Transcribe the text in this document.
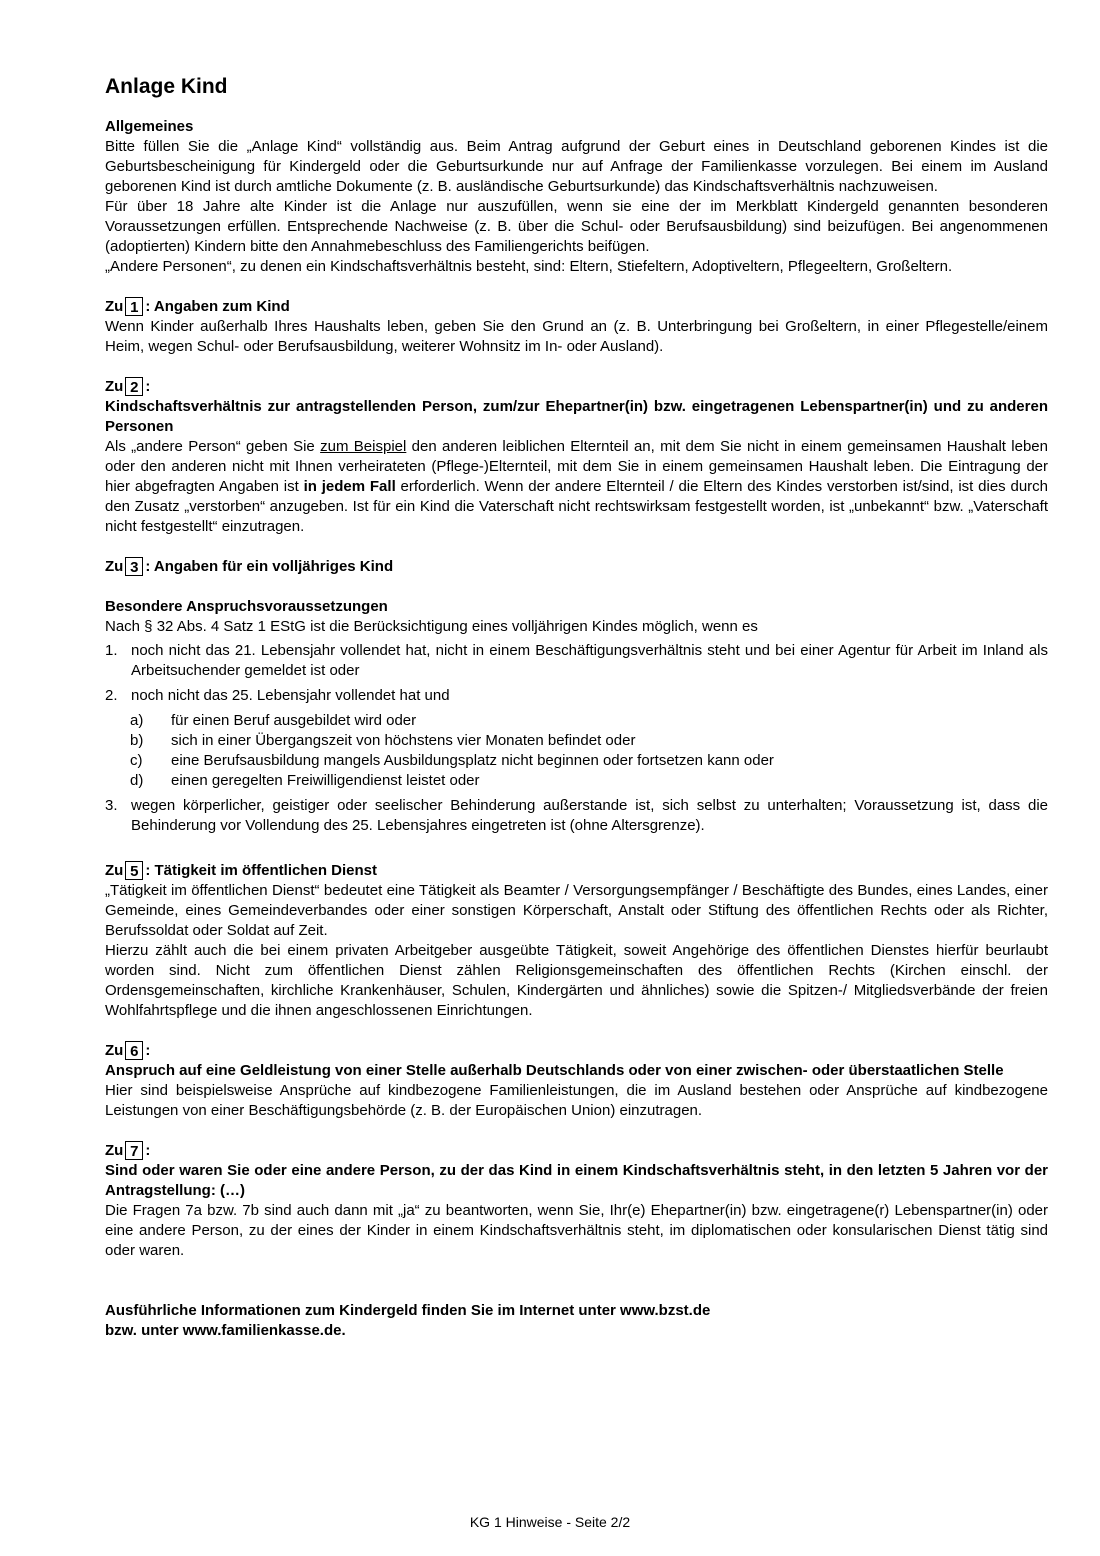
Anlage Kind
Allgemeines

Bitte füllen Sie die „Anlage Kind“ vollständig aus. Beim Antrag aufgrund der Geburt eines in Deutschland geborenen Kindes ist die Geburtsbescheinigung für Kindergeld oder die Geburtsurkunde nur auf Anfrage der Familienkasse vorzulegen. Bei einem im Ausland geborenen Kind ist durch amtliche Dokumente (z. B. ausländische Geburtsurkunde) das Kindschaftsverhältnis nachzuweisen.

Für über 18 Jahre alte Kinder ist die Anlage nur auszufüllen, wenn sie eine der im Merkblatt Kindergeld genannten besonderen Voraussetzungen erfüllen. Entsprechende Nachweise (z. B. über die Schul- oder Berufsausbildung) sind beizufügen. Bei angenommenen (adoptierten) Kindern bitte den Annahmebeschluss des Familiengerichts beifügen.

„Andere Personen“, zu denen ein Kindschaftsverhältnis besteht, sind: Eltern, Stiefeltern, Adoptiveltern, Pflegeeltern, Großeltern.

Zu 1 : Angaben zum Kind

Wenn Kinder außerhalb Ihres Haushalts leben, geben Sie den Grund an (z. B. Unterbringung bei Großeltern, in einer Pflegestelle/einem Heim, wegen Schul- oder Berufsausbildung, weiterer Wohnsitz im In- oder Ausland).

Zu 2 :

Kindschaftsverhältnis zur antragstellenden Person, zum/zur Ehepartner(in) bzw. eingetragenen Lebenspartner(in) und zu anderen Personen

Als „andere Person“ geben Sie zum Beispiel den anderen leiblichen Elternteil an, mit dem Sie nicht in einem gemeinsamen Haushalt leben oder den anderen nicht mit Ihnen verheirateten (Pflege-)Elternteil, mit dem Sie in einem gemeinsamen Haushalt leben. Die Eintragung der hier abgefragten Angaben ist in jedem Fall erforderlich. Wenn der andere Elternteil / die Eltern des Kindes verstorben ist/sind, ist dies durch den Zusatz „verstorben“ anzugeben. Ist für ein Kind die Vaterschaft nicht rechtswirksam festgestellt worden, ist „unbekannt“ bzw. „Vaterschaft nicht festgestellt“ einzutragen.

Zu 3 : Angaben für ein volljähriges Kind
Besondere Anspruchsvoraussetzungen

Nach § 32 Abs. 4 Satz 1 EStG ist die Berücksichtigung eines volljährigen Kindes möglich, wenn es

1. noch nicht das 21. Lebensjahr vollendet hat, nicht in einem Beschäftigungsverhältnis steht und bei einer Agentur für Arbeit im Inland als Arbeitsuchender gemeldet ist oder
2. noch nicht das 25. Lebensjahr vollendet hat und
a)	für einen Beruf ausgebildet wird oder
b)	sich in einer Übergangszeit von höchstens vier Monaten befindet oder
c)	eine Berufsausbildung mangels Ausbildungsplatz nicht beginnen oder fortsetzen kann oder
d)	einen geregelten Freiwilligendienst leistet oder
3. wegen körperlicher, geistiger oder seelischer Behinderung außerstande ist, sich selbst zu unterhalten; Voraussetzung ist, dass die Behinderung vor Vollendung des 25. Lebensjahres eingetreten ist (ohne Altersgrenze).
Zu 5 : Tätigkeit im öffentlichen Dienst

„Tätigkeit im öffentlichen Dienst“ bedeutet eine Tätigkeit als Beamter / Versorgungsempfänger / Beschäftigte des Bundes, eines Landes, einer Gemeinde, eines Gemeindeverbandes oder einer sonstigen Körperschaft, Anstalt oder Stiftung des öffentlichen Rechts oder als Richter, Berufssoldat oder Soldat auf Zeit.

Hierzu zählt auch die bei einem privaten Arbeitgeber ausgeübte Tätigkeit, soweit Angehörige des öffentlichen Dienstes hierfür beurlaubt worden sind. Nicht zum öffentlichen Dienst zählen Religionsgemeinschaften des öffentlichen Rechts (Kirchen einschl. der Ordensgemeinschaften, kirchliche Krankenhäuser, Schulen, Kindergärten und ähnliches) sowie die Spitzen-/ Mitgliedsverbände der freien Wohlfahrtspflege und die ihnen angeschlossenen Einrichtungen.

Zu 6 :

Anspruch auf eine Geldleistung von einer Stelle außerhalb Deutschlands oder von einer zwischen- oder überstaatlichen Stelle

Hier sind beispielsweise Ansprüche auf kindbezogene Familienleistungen, die im Ausland bestehen oder Ansprüche auf kindbezogene Leistungen von einer Beschäftigungsbehörde (z. B. der Europäischen Union) einzutragen.

Zu 7 :

Sind oder waren Sie oder eine andere Person, zu der das Kind in einem Kindschaftsverhältnis steht, in den letzten 5 Jahren vor der Antragstellung: (…)

Die Fragen 7a bzw. 7b sind auch dann mit „ja“ zu beantworten, wenn Sie, Ihr(e) Ehepartner(in) bzw. eingetragene(r) Lebenspartner(in) oder eine andere Person, zu der eines der Kinder in einem Kindschaftsverhältnis steht, im diplomatischen oder konsularischen Dienst tätig sind oder waren.

Ausführliche Informationen zum Kindergeld finden Sie im Internet unter www.bzst.de
bzw. unter www.familienkasse.de.
KG 1 Hinweise - Seite 2/2
